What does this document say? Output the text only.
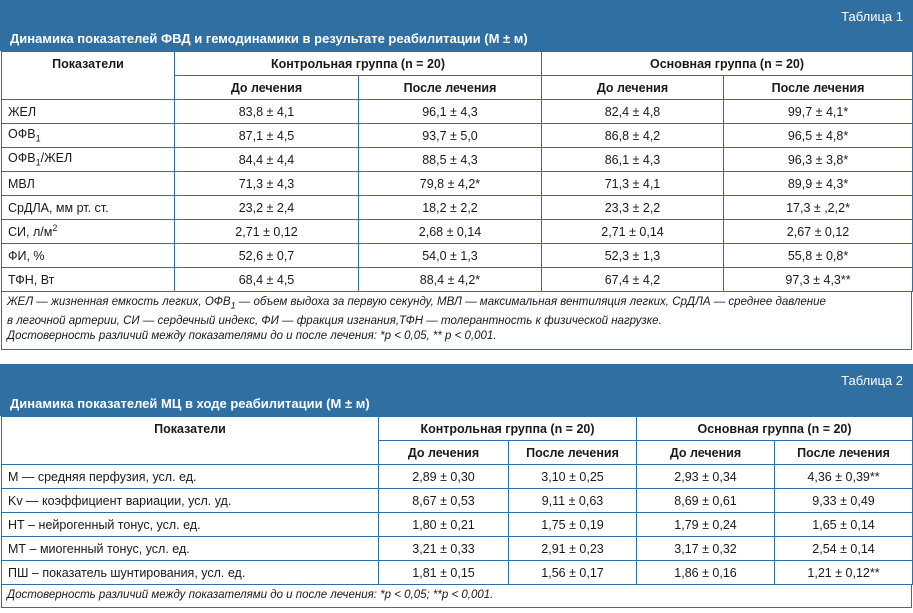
Таблица 1
Динамика показателей ФВД и гемодинамики в результате реабилитации (М ± м)
Показатели	Контрольная группа (n = 20)		Основная группа (n = 20)	
	До лечения	После лечения	До лечения	После лечения
ЖЕЛ	83,8 ± 4,1	96,1 ± 4,3	82,4 ± 4,8	99,7 ± 4,1*
$ОФВ_1$	87,1 ± 4,5	93,7 ± 5,0	86,8 ± 4,2	96,5 ± 4,8*
$ОФВ_1$/ЖЕЛ	84,4 ± 4,4	88,5 ± 4,3	86,1 ± 4,3	96,3 ± 3,8*
МВЛ	71,3 ± 4,3	79,8 ± 4,2*	71,3 ± 4,1	89,9 ± 4,3*
СрДЛА, мм рт. ст.	23,2 ± 2,4	18,2 ± 2,2	23,3 ± 2,2	17,3 ± ,2,2*
СИ, $л/м^2$	2,71 ± 0,12	2,68 ± 0,14	2,71 ± 0,14	2,67 ± 0,12
ФИ, %	52,6 ± 0,7	54,0 ± 1,3	52,3 ± 1,3	55,8 ± 0,8*
ТФН, Вт	68,4 ± 4,5	88,4 ± 4,2*	67,4 ± 4,2	97,3 ± 4,3**
ЖЕЛ — жизненная емкость легких, $ОФВ_1$ — объем выдоха за первую секунду, МВЛ — максимальная вентиляция легких, СрДЛА — среднее давление
в легочной артерии, СИ — сердечный индекс, ФИ — фракция изгнания,ТФН — толерантность к физической нагрузке.
Достоверность различий между показателями до и после лечения: *p < 0,05, ** p < 0,001.
Таблица 2
Динамика показателей МЦ в ходе реабилитации (М ± м)
Показатели	Контрольная группа (n = 20)		Основная группа (n = 20)	
	До лечения	После лечения	До лечения	После лечения
М — средняя перфузия, усл. ед.	2,89 ± 0,30	3,10 ± 0,25	2,93 ± 0,34	4,36 ± 0,39**
Kv — коэффициент вариации, усл. уд.	8,67 ± 0,53	9,11 ± 0,63	8,69 ± 0,61	9,33 ± 0,49
НТ – нейрогенный тонус, усл. ед.	1,80 ± 0,21	1,75 ± 0,19	1,79 ± 0,24	1,65 ± 0,14
МТ – миогенный тонус, усл. ед.	3,21 ± 0,33	2,91 ± 0,23	3,17 ± 0,32	2,54 ± 0,14
ПШ – показатель шунтирования, усл. ед.	1,81 ± 0,15	1,56 ± 0,17	1,86 ± 0,16	1,21 ± 0,12**
Достоверность различий между показателями до и после лечения: *p < 0,05; **p < 0,001.
